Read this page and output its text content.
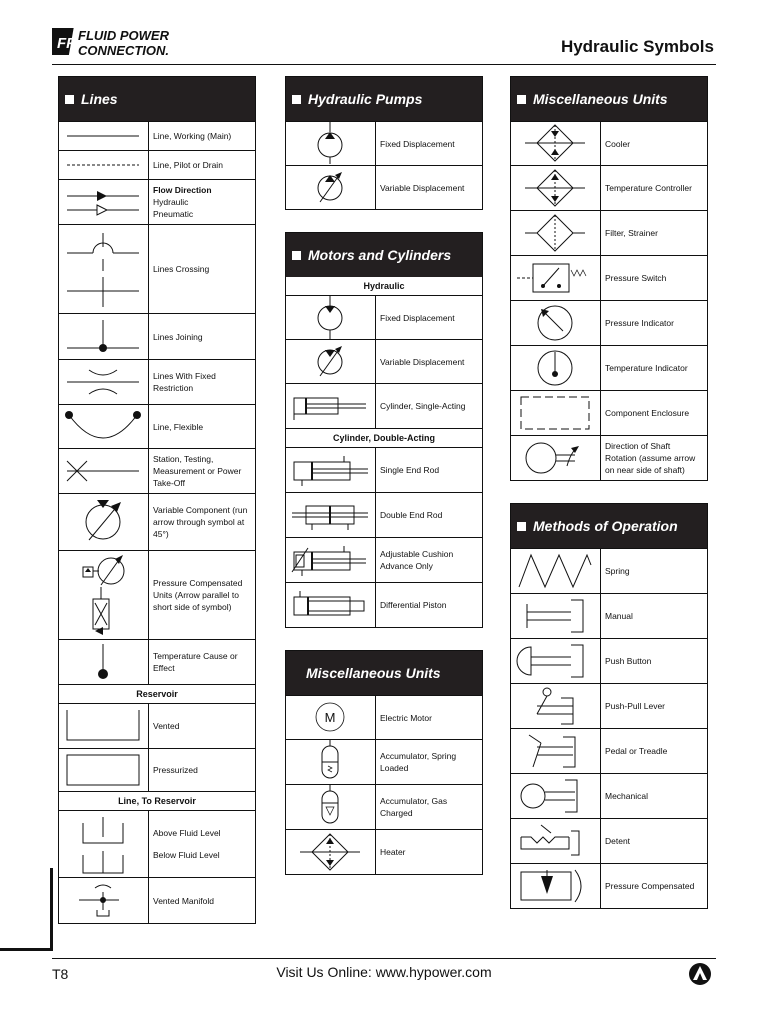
FF FLUID POWER
CONNECTION.	Hydraulic Symbols
Lines
Line, Working (Main)
Line, Pilot or Drain
Flow Direction
Hydraulic
Pneumatic
Lines Crossing
Lines Joining
Lines With Fixed Restriction
Line, Flexible
Station, Testing, Measurement or Power Take-Off
Variable Component (run arrow through symbol at 45°)
Pressure Compensated Units (Arrow parallel to short side of symbol)
Temperature Cause or Effect
Reservoir
Vented
Pressurized
Line, To Reservoir
Above Fluid Level
Below Fluid Level
Vented Manifold
Hydraulic Pumps
Fixed Displacement
Variable Displacement
Motors and Cylinders
Hydraulic
Fixed Displacement
Variable Displacement
Cylinder, Single-Acting
Cylinder, Double-Acting
Single End Rod
Double End Rod
Adjustable Cushion Advance Only
Differential Piston
Miscellaneous Units
M	Electric Motor
Accumulator, Spring Loaded
Accumulator, Gas Charged
Heater
Miscellaneous Units
Cooler
Temperature Controller
Filter, Strainer
Pressure Switch
Pressure Indicator
Temperature Indicator
Component Enclosure
Direction of Shaft Rotation (assume arrow on near side of shaft)
Methods of Operation
Spring
Manual
Push Button
Push-Pull Lever
Pedal or Treadle
Mechanical
Detent
Pressure Compensated
T8	Visit Us Online: www.hypower.com
